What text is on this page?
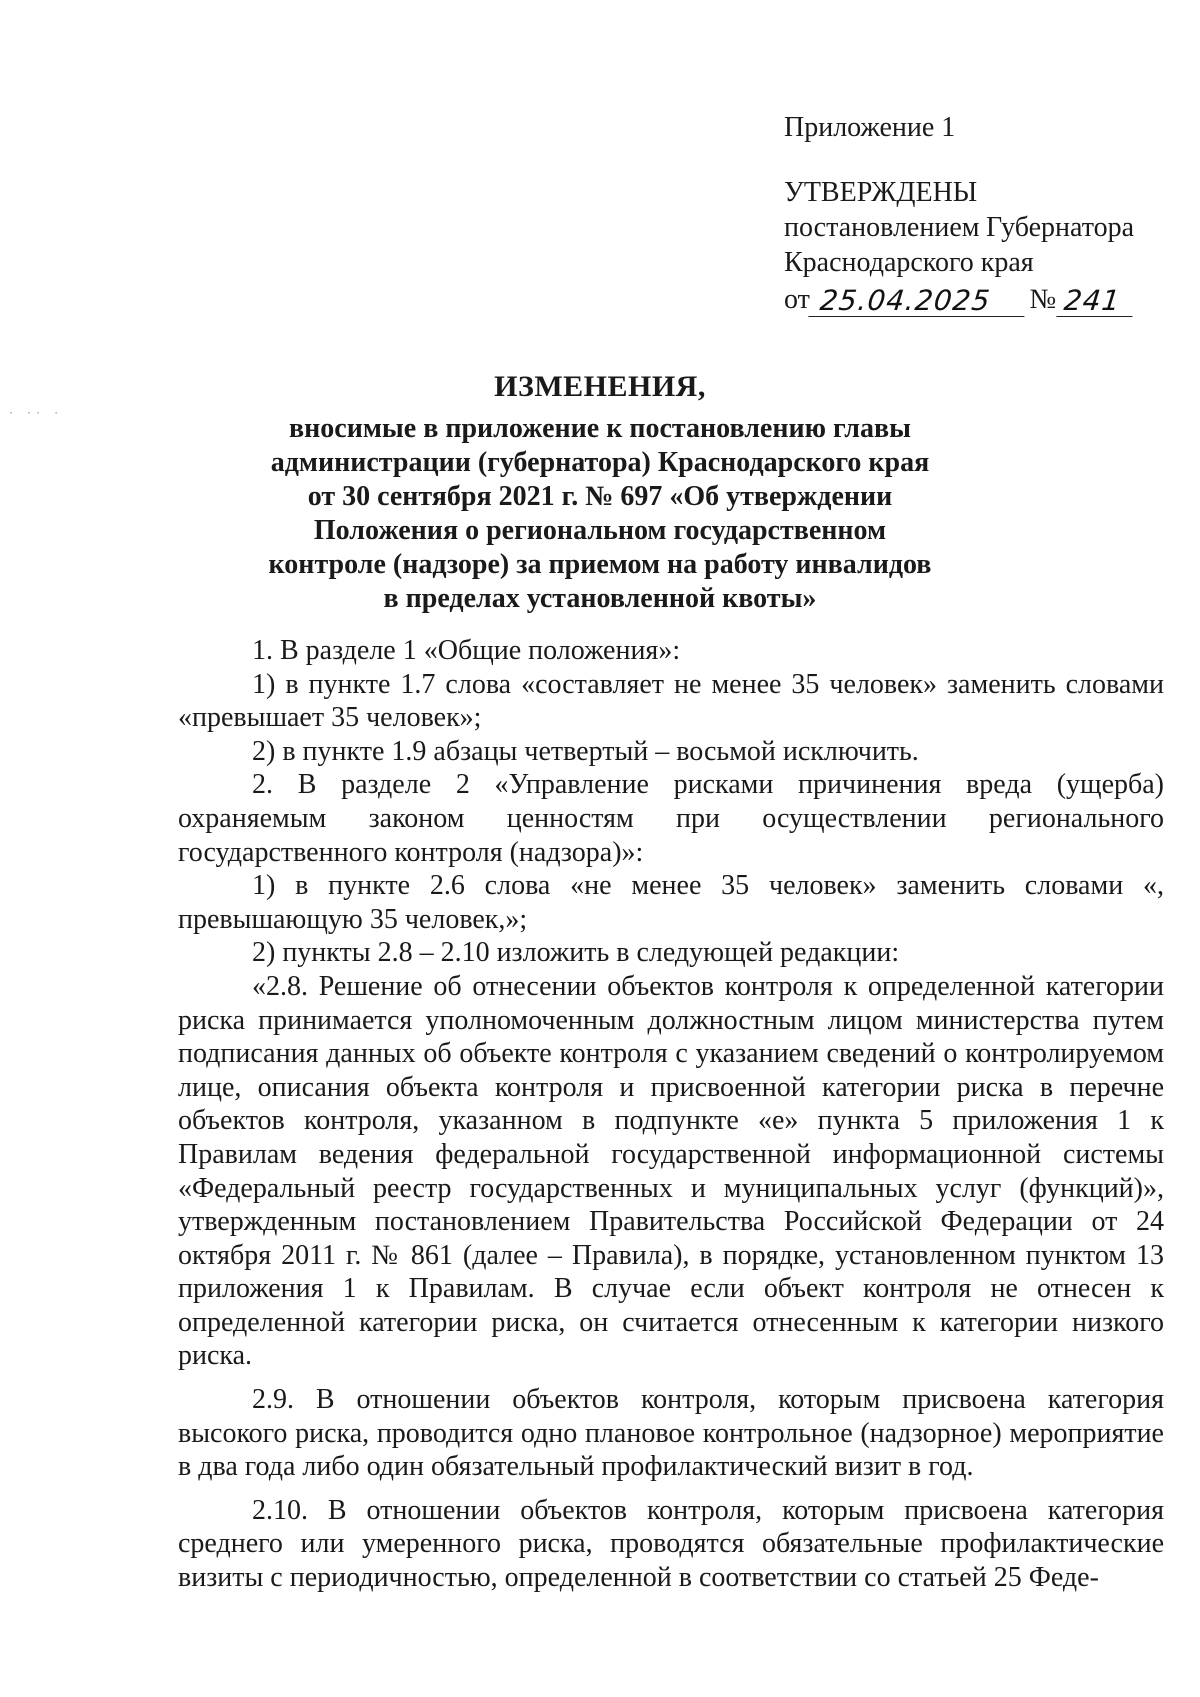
Приложение 1
УТВЕРЖДЕНЫ
постановлением Губернатора
Краснодарского края
от 25.04.2025	№ 241
· ·· ·
ИЗМЕНЕНИЯ,
вносимые в приложение к постановлению главы
администрации (губернатора) Краснодарского края
от 30 сентября 2021 г. № 697 «Об утверждении
Положения о региональном государственном
контроле (надзоре) за приемом на работу инвалидов
в пределах установленной квоты»

1. В разделе 1 «Общие положения»:

1) в пункте 1.7 слова «составляет не менее 35 человек» заменить словами «превышает 35 человек»;

2) в пункте 1.9 абзацы четвертый – восьмой исключить.

2. В разделе 2 «Управление рисками причинения вреда (ущерба) охраняемым законом ценностям при осуществлении регионального государственного контроля (надзора)»:

1) в пункте 2.6 слова «не менее 35 человек» заменить словами «, превышающую 35 человек,»;

2) пункты 2.8 – 2.10 изложить в следующей редакции:

«2.8. Решение об отнесении объектов контроля к определенной категории риска принимается уполномоченным должностным лицом министерства путем подписания данных об объекте контроля с указанием сведений о контролируемом лице, описания объекта контроля и присвоенной категории риска в перечне объектов контроля, указанном в подпункте «е» пункта 5 приложения 1 к Правилам ведения федеральной государственной информационной системы «Федеральный реестр государственных и муниципальных услуг (функций)», утвержденным постановлением Правительства Российской Федерации от 24 октября 2011 г. № 861 (далее – Правила), в порядке, установленном пунктом 13 приложения 1 к Правилам. В случае если объект контроля не отнесен к определенной категории риска, он считается отнесенным к категории низкого риска.

2.9. В отношении объектов контроля, которым присвоена категория высокого риска, проводится одно плановое контрольное (надзорное) мероприятие в два года либо один обязательный профилактический визит в год.

2.10. В отношении объектов контроля, которым присвоена категория среднего или умеренного риска, проводятся обязательные профилактические визиты с периодичностью, определенной в соответствии со статьей 25 Феде-
